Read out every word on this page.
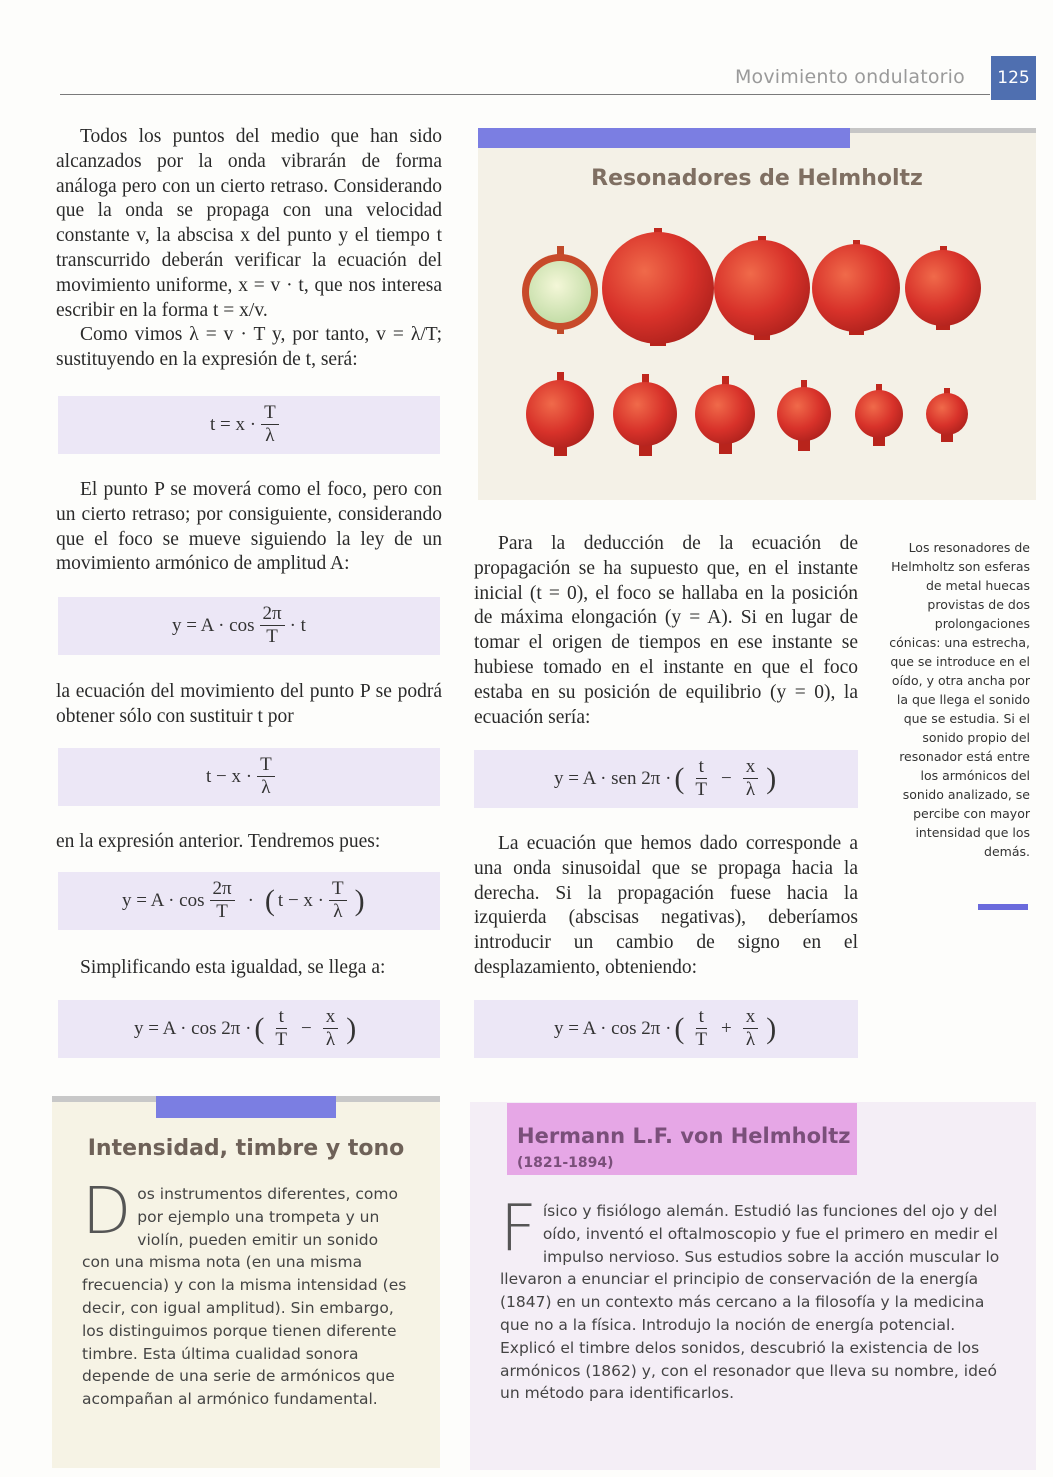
Movimiento ondulatorio	125

Todos los puntos del medio que han sido alcanzados por la onda vibrarán de forma análoga pero con un cierto retraso. Considerando que la onda se propaga con una velocidad constante v, la abscisa x del punto y el tiempo t transcurrido deberán verificar la ecuación del movimiento uniforme, x = v · t, que nos interesa escribir en la forma t = x/v.

Como vimos λ = v · T y, por tanto, v = λ/T; sustituyendo en la expresión de t, será:

$t = x \cdot \frac{T}{\lambda}$

El punto P se moverá como el foco, pero con un cierto retraso; por consiguiente, considerando que el foco se mueve siguiendo la ley de un movimiento armónico de amplitud A:

$y = A \cdot \cos \frac{2\pi}{T} \cdot t$

la ecuación del movimiento del punto P se podrá obtener sólo con sustituir t por

$t - x \cdot \frac{T}{\lambda}$

en la expresión anterior. Tendremos pues:

$y = A \cdot \cos \frac{2\pi}{T}$ · ( $t - x \cdot \frac{T}{\lambda}$ )

Simplificando esta igualdad, se llega a:

y = A · cos 2π · ( $\frac{t}{T} - \frac{x}{\lambda}$ )
Resonadores de Helmholtz

Para la deducción de la ecuación de propagación se ha supuesto que, en el instante inicial (t = 0), el foco se hallaba en la posición de máxima elongación (y = A). Si en lugar de tomar el origen de tiempos en ese instante se hubiese tomado en el instante en que el foco estaba en su posición de equilibrio (y = 0), la ecuación sería:

y = A · sen 2π · ( $\frac{t}{T} - \frac{x}{\lambda}$ )

La ecuación que hemos dado corresponde a una onda sinusoidal que se propaga hacia la derecha. Si la propagación fuese hacia la izquierda (abscisas negativas), deberíamos introducir un cambio de signo en el desplazamiento, obteniendo:

y = A · cos 2π · ( $\frac{t}{T} + \frac{x}{\lambda}$ )
Los resonadores de Helmholtz son esferas de metal huecas provistas de dos prolongaciones cónicas: una estrecha, que se introduce en el oído, y otra ancha por la que llega el sonido que se estudia. Si el sonido propio del resonador está entre los armónicos del sonido analizado, se percibe con mayor intensidad que los demás.
Intensidad, timbre y tono
Dos instrumentos diferentes, como por ejemplo una trompeta y un violín, pueden emitir un sonido con una misma nota (en una misma frecuencia) y con la misma intensidad (es decir, con igual amplitud). Sin embargo, los distinguimos porque tienen diferente timbre. Esta última cualidad sonora depende de una serie de armónicos que acompañan al armónico fundamental.
Hermann L.F. von Helmholtz
(1821-1894)
Físico y fisiólogo alemán. Estudió las funciones del ojo y del oído, inventó el oftalmoscopio y fue el primero en medir el impulso nervioso. Sus estudios sobre la acción muscular lo llevaron a enunciar el principio de conservación de la energía (1847) en un contexto más cercano a la filosofía y la medicina que no a la física. Introdujo la noción de energía potencial. Explicó el timbre delos sonidos, descubrió la existencia de los armónicos (1862) y, con el resonador que lleva su nombre, ideó un método para identificarlos.
